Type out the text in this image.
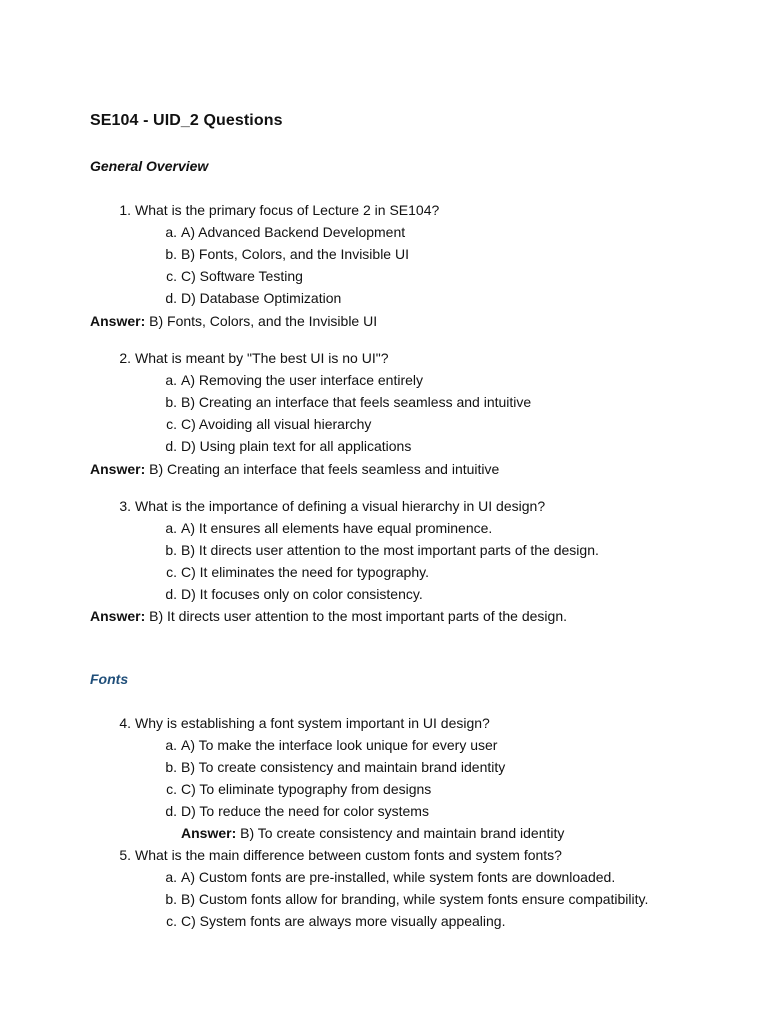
SE104 - UID_2 Questions
General Overview
1. What is the primary focus of Lecture 2 in SE104?
a. A) Advanced Backend Development
b. B) Fonts, Colors, and the Invisible UI
c. C) Software Testing
d. D) Database Optimization
Answer: B) Fonts, Colors, and the Invisible UI
2. What is meant by "The best UI is no UI"?
a. A) Removing the user interface entirely
b. B) Creating an interface that feels seamless and intuitive
c. C) Avoiding all visual hierarchy
d. D) Using plain text for all applications
Answer: B) Creating an interface that feels seamless and intuitive
3. What is the importance of defining a visual hierarchy in UI design?
a. A) It ensures all elements have equal prominence.
b. B) It directs user attention to the most important parts of the design.
c. C) It eliminates the need for typography.
d. D) It focuses only on color consistency.
Answer: B) It directs user attention to the most important parts of the design.
Fonts
4. Why is establishing a font system important in UI design?
a. A) To make the interface look unique for every user
b. B) To create consistency and maintain brand identity
c. C) To eliminate typography from designs
d. D) To reduce the need for color systems
Answer: B) To create consistency and maintain brand identity
5. What is the main difference between custom fonts and system fonts?
a. A) Custom fonts are pre-installed, while system fonts are downloaded.
b. B) Custom fonts allow for branding, while system fonts ensure compatibility.
c. C) System fonts are always more visually appealing.
